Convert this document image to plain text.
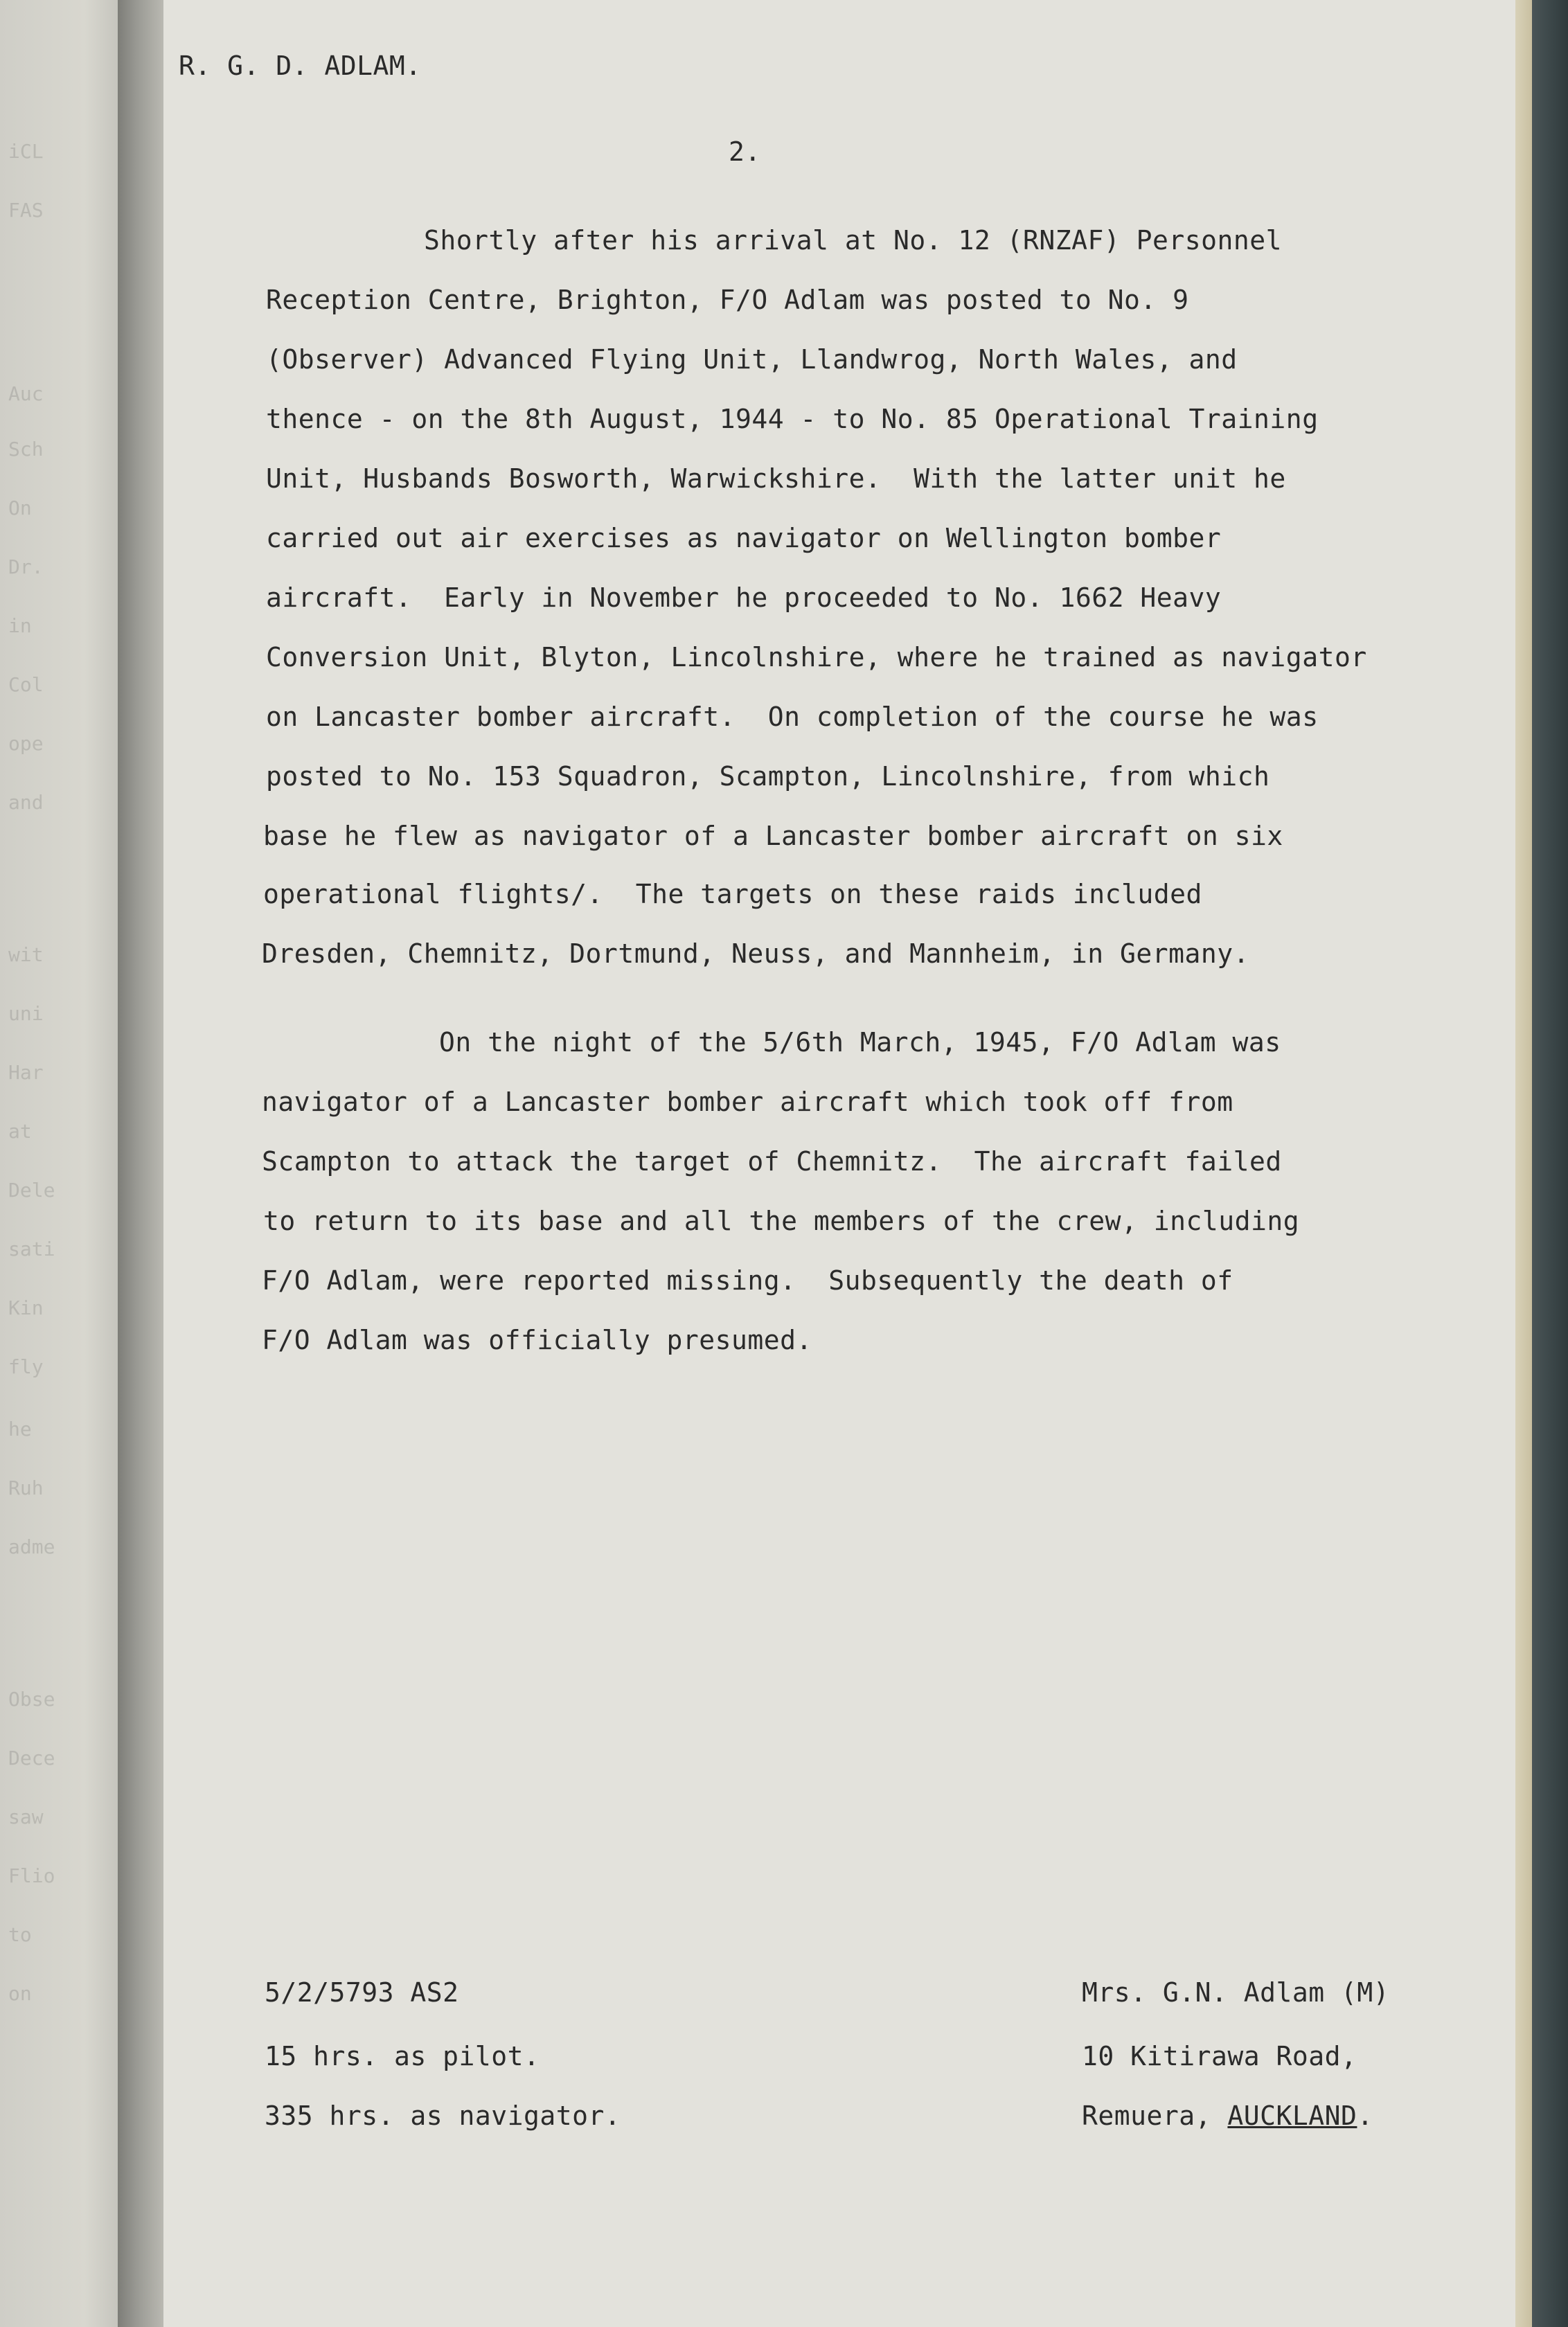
iCL
FAS
Auc
Sch
On
Dr.
in
Col
ope
and
wit
uni
Har
at
Dele
sati
Kin
fly
he
Ruh
adme
Obse
Dece
saw
Flio
to
on
R. G. D. ADLAM.
2.
Shortly after his arrival at No. 12 (RNZAF) Personnel
Reception Centre, Brighton, F/O Adlam was posted to No. 9
(Observer) Advanced Flying Unit, Llandwrog, North Wales, and
thence - on the 8th August, 1944 - to No. 85 Operational Training
Unit, Husbands Bosworth, Warwickshire.  With the latter unit he
carried out air exercises as navigator on Wellington bomber
aircraft.  Early in November he proceeded to No. 1662 Heavy
Conversion Unit, Blyton, Lincolnshire, where he trained as navigator
on Lancaster bomber aircraft.  On completion of the course he was
posted to No. 153 Squadron, Scampton, Lincolnshire, from which
base he flew as navigator of a Lancaster bomber aircraft on six
operational flights/.  The targets on these raids included
Dresden, Chemnitz, Dortmund, Neuss, and Mannheim, in Germany.
On the night of the 5/6th March, 1945, F/O Adlam was
navigator of a Lancaster bomber aircraft which took off from
Scampton to attack the target of Chemnitz.  The aircraft failed
to return to its base and all the members of the crew, including
F/O Adlam, were reported missing.  Subsequently the death of
F/O Adlam was officially presumed.
5/2/5793 AS2
15 hrs. as pilot.
335 hrs. as navigator.
Mrs. G.N. Adlam (M)
10 Kitirawa Road,
Remuera, AUCKLAND.
